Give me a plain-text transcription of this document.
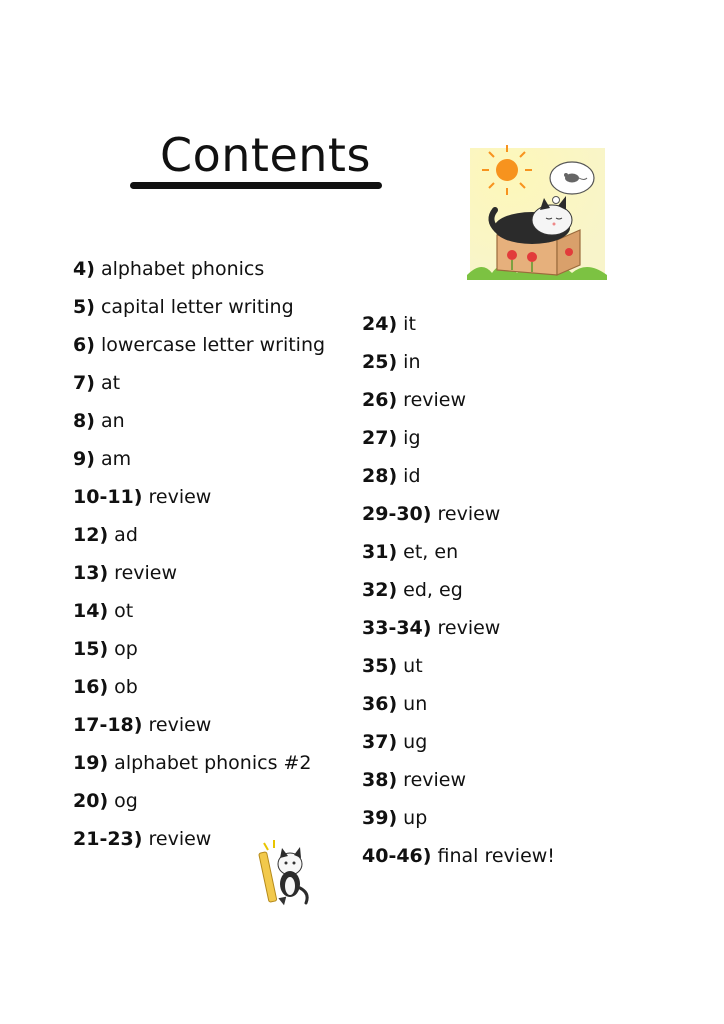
Contents
4) alphabet phonics
5) capital letter writing
6) lowercase letter writing
7) at
8) an
9) am
10-11) review
12) ad
13) review
14) ot
15) op
16) ob
17-18) review
19) alphabet phonics #2
20) og
21-23) review
24) it
25) in
26) review
27) ig
28) id
29-30) review
31) et, en
32) ed, eg
33-34) review
35) ut
36) un
37) ug
38) review
39) up
40-46) final review!
